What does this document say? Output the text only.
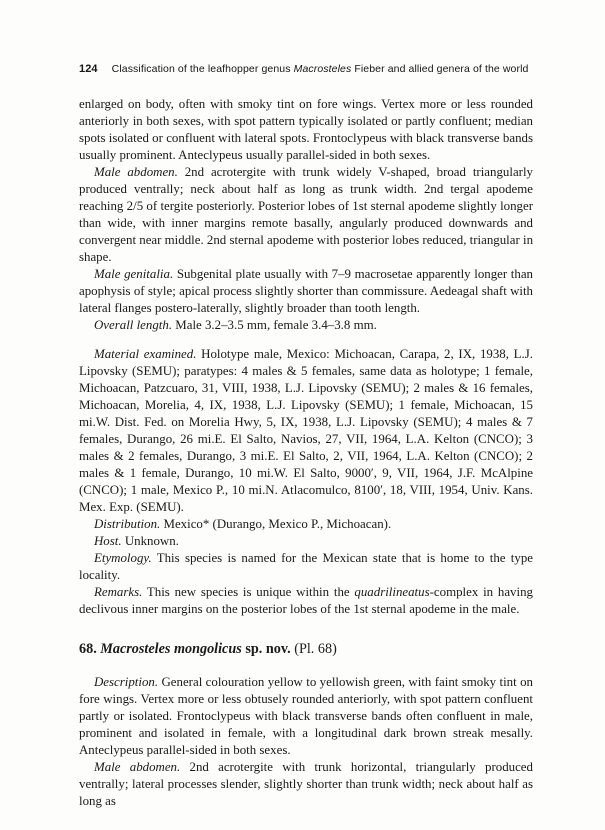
124 Classification of the leafhopper genus Macrosteles Fieber and allied genera of the world

enlarged on body, often with smoky tint on fore wings. Vertex more or less rounded anteriorly in both sexes, with spot pattern typically isolated or partly confluent; median spots isolated or confluent with lateral spots. Frontoclypeus with black transverse bands usually prominent. Anteclypeus usually parallel-sided in both sexes.

Male abdomen. 2nd acrotergite with trunk widely V-shaped, broad triangularly produced ventrally; neck about half as long as trunk width. 2nd tergal apodeme reaching 2/5 of tergite posteriorly. Posterior lobes of 1st sternal apodeme slightly longer than wide, with inner margins remote basally, angularly produced downwards and convergent near middle. 2nd sternal apodeme with posterior lobes reduced, triangular in shape.

Male genitalia. Subgenital plate usually with 7–9 macrosetae apparently longer than apophysis of style; apical process slightly shorter than commissure. Aedeagal shaft with lateral flanges postero-laterally, slightly broader than tooth length.

Overall length. Male 3.2–3.5 mm, female 3.4–3.8 mm.

Material examined. Holotype male, Mexico: Michoacan, Carapa, 2, IX, 1938, L.J. Lipovsky (SEMU); paratypes: 4 males & 5 females, same data as holotype; 1 female, Michoacan, Patzcuaro, 31, VIII, 1938, L.J. Lipovsky (SEMU); 2 males & 16 females, Michoacan, Morelia, 4, IX, 1938, L.J. Lipovsky (SEMU); 1 female, Michoacan, 15 mi.W. Dist. Fed. on Morelia Hwy, 5, IX, 1938, L.J. Lipovsky (SEMU); 4 males & 7 females, Durango, 26 mi.E. El Salto, Navios, 27, VII, 1964, L.A. Kelton (CNCO); 3 males & 2 females, Durango, 3 mi.E. El Salto, 2, VII, 1964, L.A. Kelton (CNCO); 2 males & 1 female, Durango, 10 mi.W. El Salto, 9000′, 9, VII, 1964, J.F. McAlpine (CNCO); 1 male, Mexico P., 10 mi.N. Atlacomulco, 8100′, 18, VIII, 1954, Univ. Kans. Mex. Exp. (SEMU).

Distribution. Mexico* (Durango, Mexico P., Michoacan).

Host. Unknown.

Etymology. This species is named for the Mexican state that is home to the type locality.

Remarks. This new species is unique within the quadrilineatus-complex in having declivous inner margins on the posterior lobes of the 1st sternal apodeme in the male.

68. Macrosteles mongolicus sp. nov. (Pl. 68)

Description. General colouration yellow to yellowish green, with faint smoky tint on fore wings. Vertex more or less obtusely rounded anteriorly, with spot pattern confluent partly or isolated. Frontoclypeus with black transverse bands often confluent in male, prominent and isolated in female, with a longitudinal dark brown streak mesally. Anteclypeus parallel-sided in both sexes.

Male abdomen. 2nd acrotergite with trunk horizontal, triangularly produced ventrally; lateral processes slender, slightly shorter than trunk width; neck about half as long as
